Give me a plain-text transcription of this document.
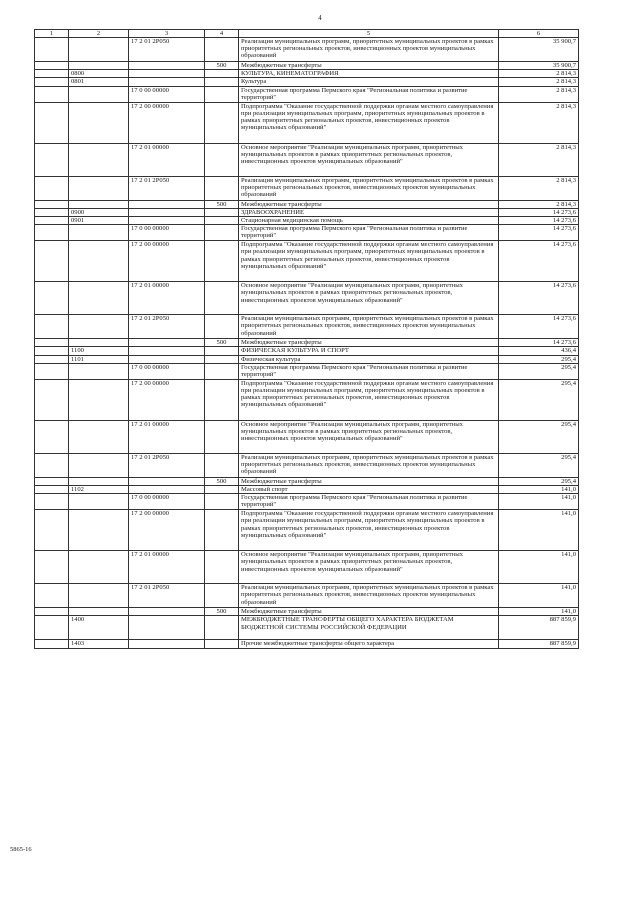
4
1	2	3	4	5	6
		17 2 01 2Р050		Реализация муниципальных программ, приоритетных муниципальных проектов в рамках приоритетных региональных проектов, инвестиционных проектов муниципальных образований	35 900,7
			500	Межбюджетные трансферты	35 900,7
	0800			КУЛЬТУРА, КИНЕМАТОГРАФИЯ	2 814,3
	0801			Культура	2 814,3
		17 0 00 00000		Государственная программа Пермского края "Региональная политика и развитие территорий"	2 814,3
		17 2 00 00000		Подпрограмма "Оказание государственной поддержки органам местного самоуправления при реализации муниципальных программ, приоритетных муниципальных проектов в рамках приоритетных региональных проектов, инвестиционных проектов муниципальных образований"	2 814,3
		17 2 01 00000		Основное мероприятие "Реализация муниципальных программ, приоритетных муниципальных проектов в рамках приоритетных региональных проектов, инвестиционных проектов муниципальных образований"	2 814,3
		17 2 01 2Р050		Реализация муниципальных программ, приоритетных муниципальных проектов в рамках приоритетных региональных проектов, инвестиционных проектов муниципальных образований	2 814,3
			500	Межбюджетные трансферты	2 814,3
	0900			ЗДРАВООХРАНЕНИЕ	14 273,6
	0901			Стационарная медицинская помощь	14 273,6
		17 0 00 00000		Государственная программа Пермского края "Региональная политика и развитие территорий"	14 273,6
		17 2 00 00000		Подпрограмма "Оказание государственной поддержки органам местного самоуправления при реализации муниципальных программ, приоритетных муниципальных проектов в рамках приоритетных региональных проектов, инвестиционных проектов муниципальных образований"	14 273,6
		17 2 01 00000		Основное мероприятие "Реализация муниципальных программ, приоритетных муниципальных проектов в рамках приоритетных региональных проектов, инвестиционных проектов муниципальных образований"	14 273,6
		17 2 01 2Р050		Реализация муниципальных программ, приоритетных муниципальных проектов в рамках приоритетных региональных проектов, инвестиционных проектов муниципальных образований	14 273,6
			500	Межбюджетные трансферты	14 273,6
	1100			ФИЗИЧЕСКАЯ КУЛЬТУРА И СПОРТ	436,4
	1101			Физическая культура	295,4
		17 0 00 00000		Государственная программа Пермского края "Региональная политика и развитие территорий"	295,4
		17 2 00 00000		Подпрограмма "Оказание государственной поддержки органам местного самоуправления при реализации муниципальных программ, приоритетных муниципальных проектов в рамках приоритетных региональных проектов, инвестиционных проектов муниципальных образований"	295,4
		17 2 01 00000		Основное мероприятие "Реализация муниципальных программ, приоритетных муниципальных проектов в рамках приоритетных региональных проектов, инвестиционных проектов муниципальных образований"	295,4
		17 2 01 2Р050		Реализация муниципальных программ, приоритетных муниципальных проектов в рамках приоритетных региональных проектов, инвестиционных проектов муниципальных образований	295,4
			500	Межбюджетные трансферты	295,4
	1102			Массовый спорт	141,0
		17 0 00 00000		Государственная программа Пермского края "Региональная политика и развитие территорий"	141,0
		17 2 00 00000		Подпрограмма "Оказание государственной поддержки органам местного самоуправления при реализации муниципальных программ, приоритетных муниципальных проектов в рамках приоритетных региональных проектов, инвестиционных проектов муниципальных образований"	141,0
		17 2 01 00000		Основное мероприятие "Реализация муниципальных программ, приоритетных муниципальных проектов в рамках приоритетных региональных проектов, инвестиционных проектов муниципальных образований"	141,0
		17 2 01 2Р050		Реализация муниципальных программ, приоритетных муниципальных проектов в рамках приоритетных региональных проектов, инвестиционных проектов муниципальных образований	141,0
			500	Межбюджетные трансферты	141,0
	1400			МЕЖБЮДЖЕТНЫЕ ТРАНСФЕРТЫ ОБЩЕГО ХАРАКТЕРА БЮДЖЕТАМ БЮДЖЕТНОЙ СИСТЕМЫ РОССИЙСКОЙ ФЕДЕРАЦИИ	887 859,9
	1403			Прочие межбюджетные трансферты общего характера	887 859,9
5865-16
